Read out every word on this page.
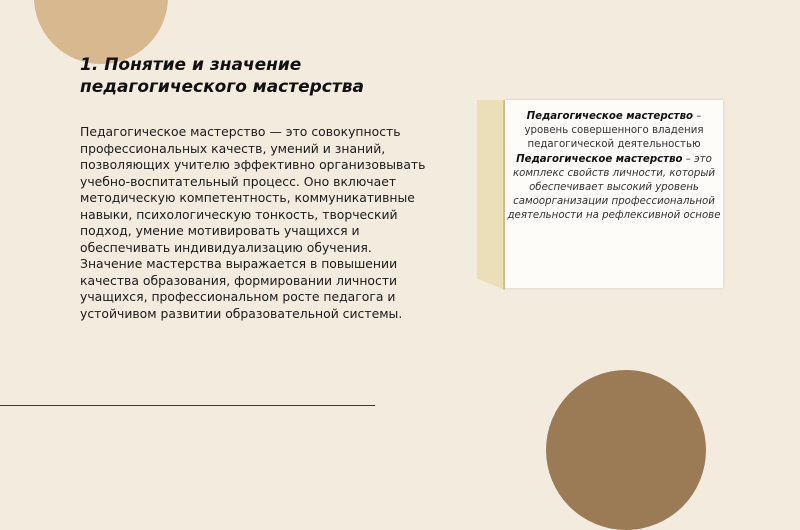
1. Понятие и значение
педагогического мастерства

Педагогическое мастерство — это совокупность профессиональных качеств, умений и знаний, позволяющих учителю эффективно организовывать учебно-воспитательный процесс. Оно включает методическую компетентность, коммуникативные навыки, психологическую тонкость, творческий подход, умение мотивировать учащихся и обеспечивать индивидуализацию обучения. Значение мастерства выражается в повышении качества образования, формировании личности учащихся, профессиональном росте педагога и устойчивом развитии образовательной системы.

Педагогическое мастерство – уровень совершенного владения педагогической деятельностью

Педагогическое мастерство – это комплекс свойств личности, который обеспечивает высокий уровень самоорганизации профессиональной деятельности на рефлексивной основе
